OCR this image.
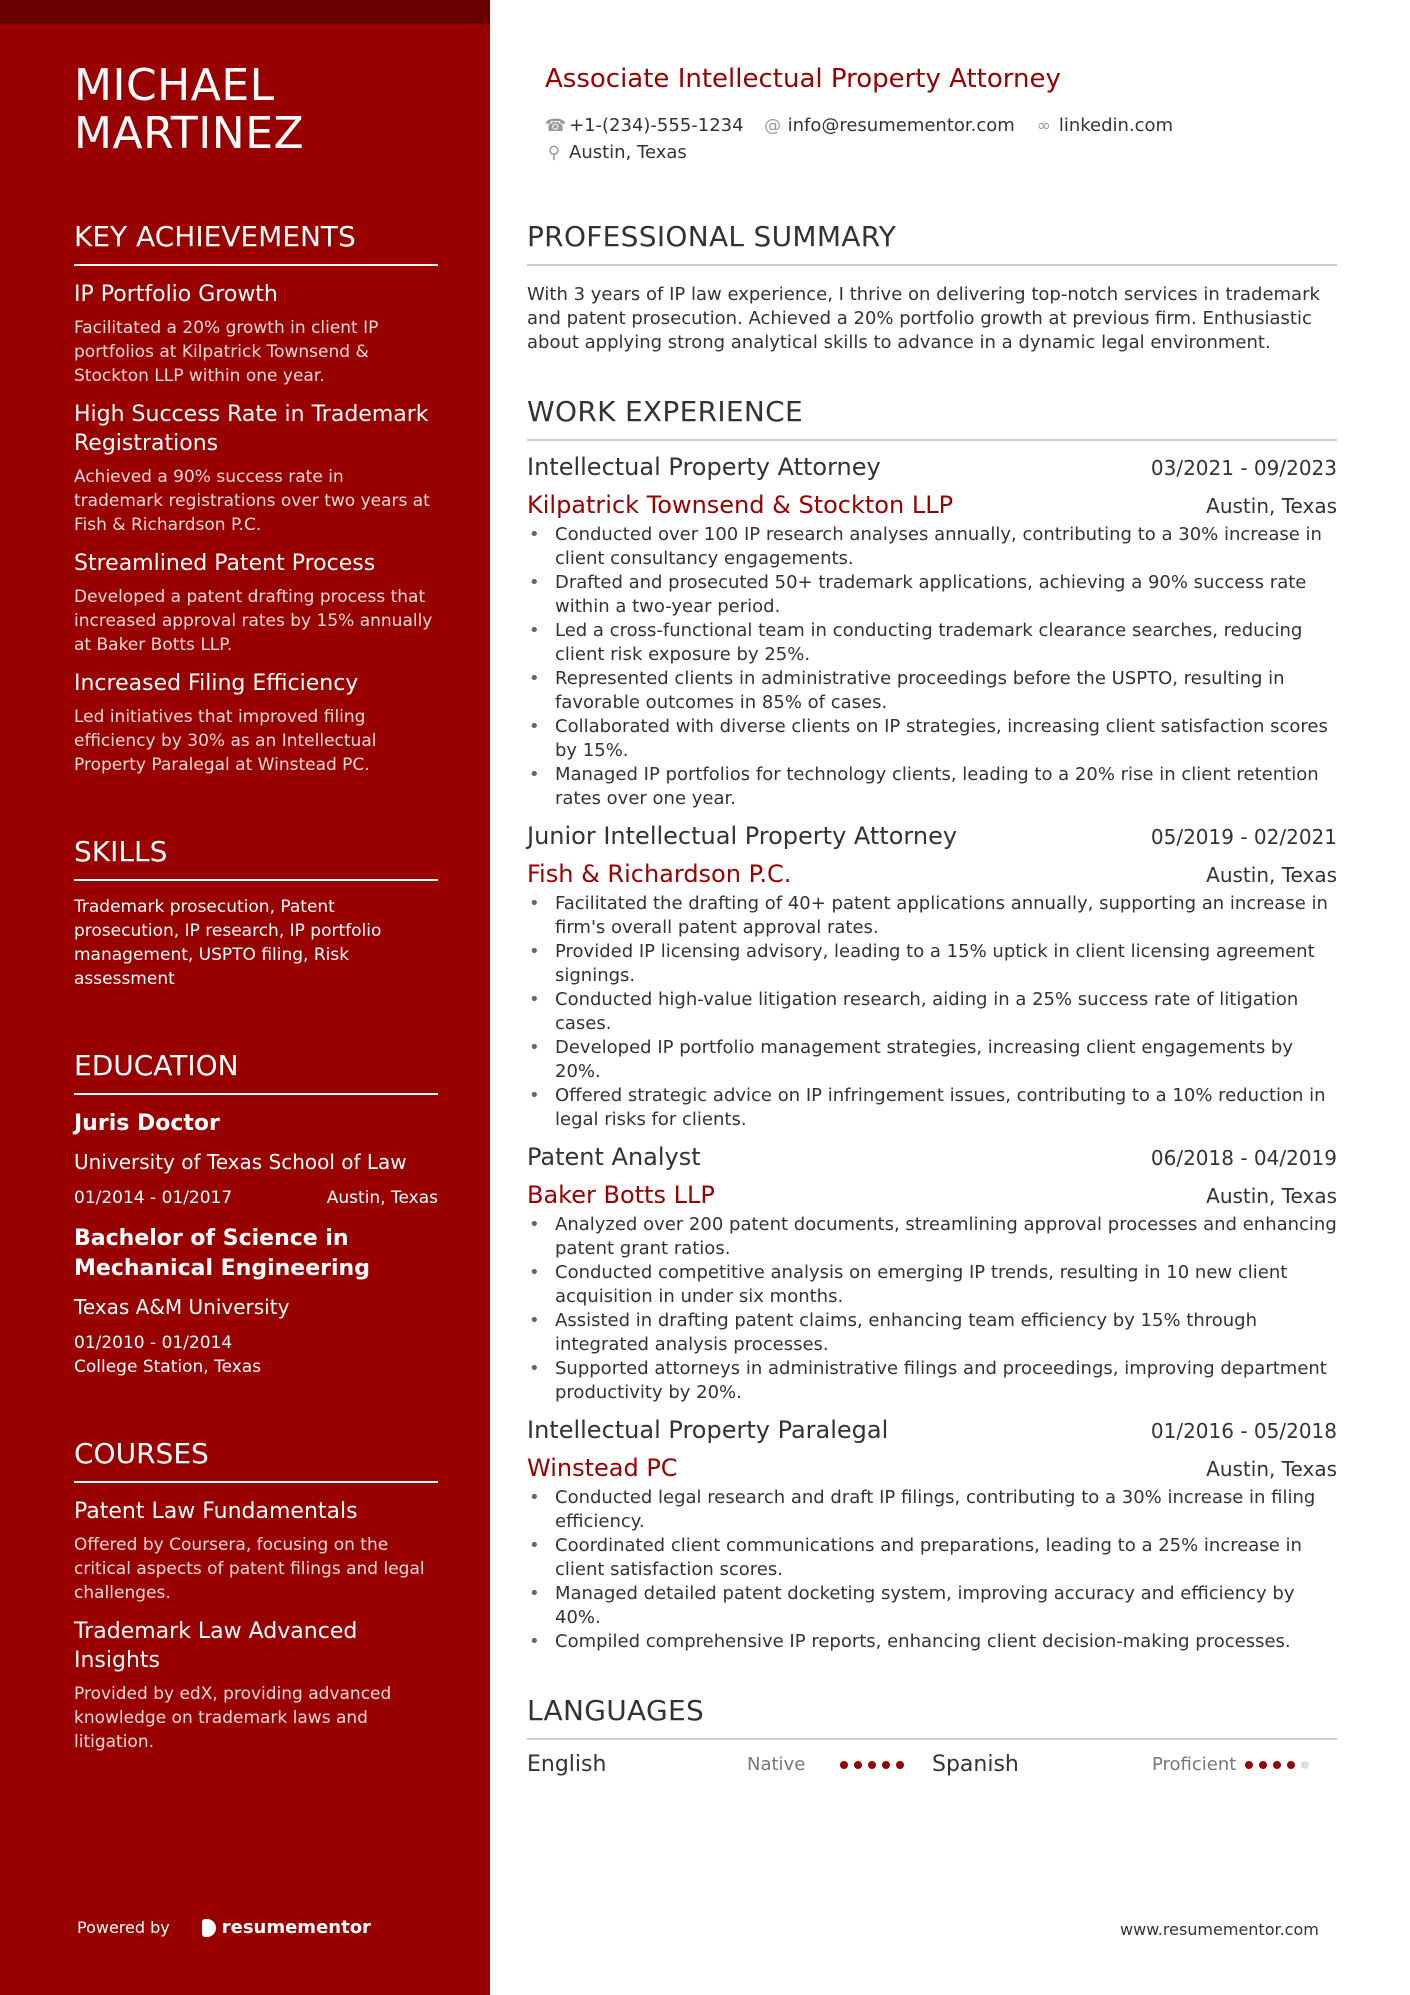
MICHAEL
MARTINEZ
KEY ACHIEVEMENTS
IP Portfolio Growth
Facilitated a 20% growth in client IP portfolios at Kilpatrick Townsend & Stockton LLP within one year.
High Success Rate in Trademark Registrations
Achieved a 90% success rate in trademark registrations over two years at Fish & Richardson P.C.
Streamlined Patent Process
Developed a patent drafting process that increased approval rates by 15% annually at Baker Botts LLP.
Increased Filing Efficiency
Led initiatives that improved filing efficiency by 30% as an Intellectual Property Paralegal at Winstead PC.
SKILLS
Trademark prosecution, Patent prosecution, IP research, IP portfolio management, USPTO filing, Risk assessment
EDUCATION
Juris Doctor
University of Texas School of Law
01/2014 - 01/2017	Austin, Texas
Bachelor of Science in Mechanical Engineering
Texas A&M University
01/2010 - 01/2014
College Station, Texas
COURSES
Patent Law Fundamentals
Offered by Coursera, focusing on the critical aspects of patent filings and legal challenges.
Trademark Law Advanced Insights
Provided by edX, providing advanced knowledge on trademark laws and litigation.
Powered by	resumementor
Associate Intellectual Property Attorney
☎ +1-(234)-555-1234 @ info@resumementor.com ∞ linkedin.com
⚲ Austin, Texas
PROFESSIONAL SUMMARY
With 3 years of IP law experience, I thrive on delivering top-notch services in trademark and patent prosecution. Achieved a 20% portfolio growth at previous firm. Enthusiastic about applying strong analytical skills to advance in a dynamic legal environment.
WORK EXPERIENCE
Intellectual Property Attorney	03/2021 - 09/2023
Kilpatrick Townsend & Stockton LLP	Austin, Texas
• Conducted over 100 IP research analyses annually, contributing to a 30% increase in client consultancy engagements.
• Drafted and prosecuted 50+ trademark applications, achieving a 90% success rate within a two-year period.
• Led a cross-functional team in conducting trademark clearance searches, reducing client risk exposure by 25%.
• Represented clients in administrative proceedings before the USPTO, resulting in favorable outcomes in 85% of cases.
• Collaborated with diverse clients on IP strategies, increasing client satisfaction scores by 15%.
• Managed IP portfolios for technology clients, leading to a 20% rise in client retention rates over one year.
Junior Intellectual Property Attorney	05/2019 - 02/2021
Fish & Richardson P.C.	Austin, Texas
• Facilitated the drafting of 40+ patent applications annually, supporting an increase in firm's overall patent approval rates.
• Provided IP licensing advisory, leading to a 15% uptick in client licensing agreement signings.
• Conducted high-value litigation research, aiding in a 25% success rate of litigation cases.
• Developed IP portfolio management strategies, increasing client engagements by 20%.
• Offered strategic advice on IP infringement issues, contributing to a 10% reduction in legal risks for clients.
Patent Analyst	06/2018 - 04/2019
Baker Botts LLP	Austin, Texas
• Analyzed over 200 patent documents, streamlining approval processes and enhancing patent grant ratios.
• Conducted competitive analysis on emerging IP trends, resulting in 10 new client acquisition in under six months.
• Assisted in drafting patent claims, enhancing team efficiency by 15% through integrated analysis processes.
• Supported attorneys in administrative filings and proceedings, improving department productivity by 20%.
Intellectual Property Paralegal	01/2016 - 05/2018
Winstead PC	Austin, Texas
• Conducted legal research and draft IP filings, contributing to a 30% increase in filing efficiency.
• Coordinated client communications and preparations, leading to a 25% increase in client satisfaction scores.
• Managed detailed patent docketing system, improving accuracy and efficiency by 40%.
• Compiled comprehensive IP reports, enhancing client decision-making processes.
LANGUAGES
English	Native	Spanish	Proficient
www.resumementor.com
